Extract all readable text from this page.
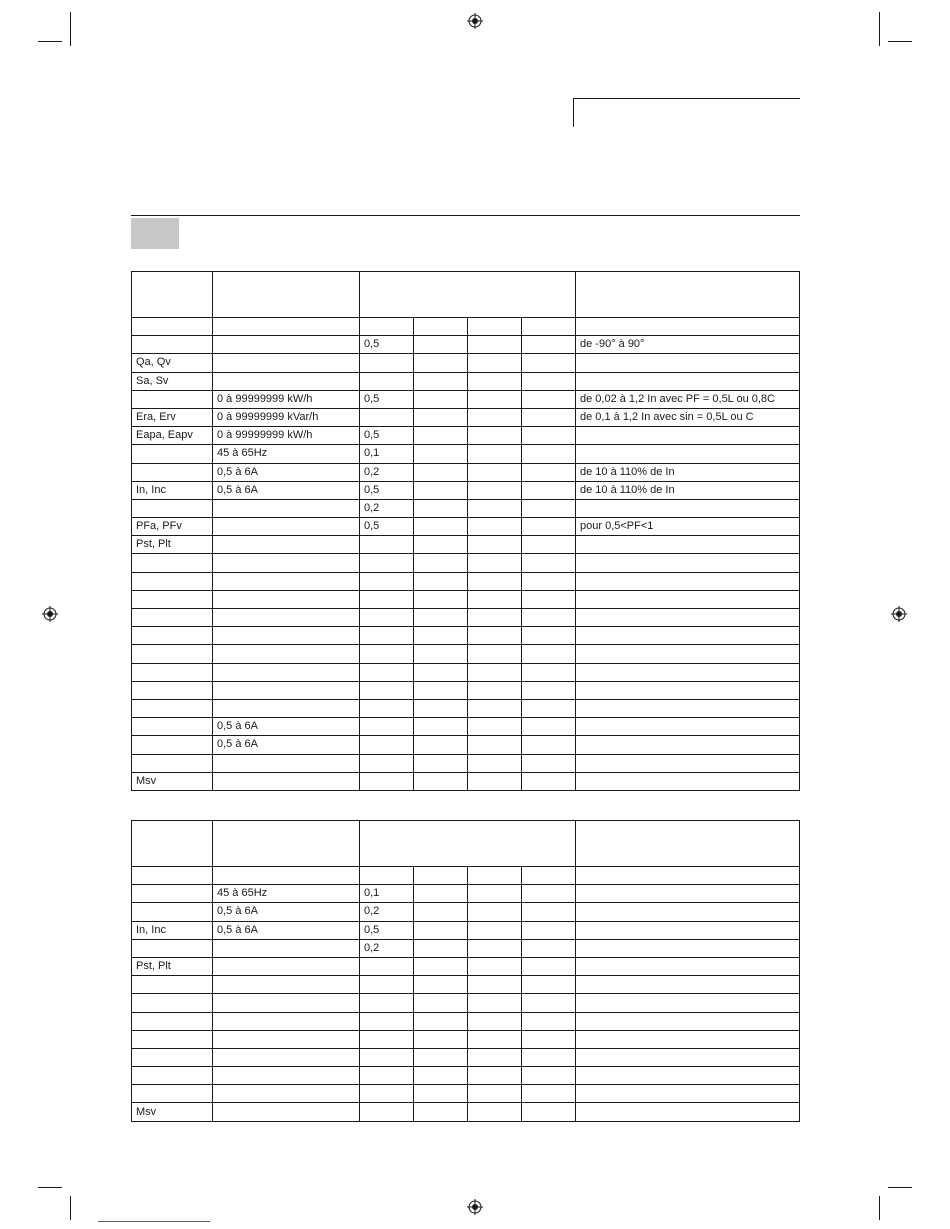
		0,5				de -90° à 90°
Qa, Qv						
Sa, Sv						
	0 à 99999999 kW/h	0,5				de 0,02 à 1,2 In avec PF = 0,5L ou 0,8C
Era, Erv	0 à 99999999 kVar/h					de 0,1 à 1,2 In avec sin = 0,5L ou C
Eapa, Eapv	0 à 99999999 kW/h	0,5				
	45 à 65Hz	0,1				
	0,5 à 6A	0,2				de 10 à 110% de In
In, Inc	0,5 à 6A	0,5				de 10 à 110% de In
		0,2				
PFa, PFv		0,5				pour 0,5<PF<1
Pst, Plt						

	0,5 à 6A					
	0,5 à 6A					

Msv						

	45 à 65Hz	0,1				
	0,5 à 6A	0,2				
In, Inc	0,5 à 6A	0,5				
		0,2				
Pst, Plt						

Msv						
